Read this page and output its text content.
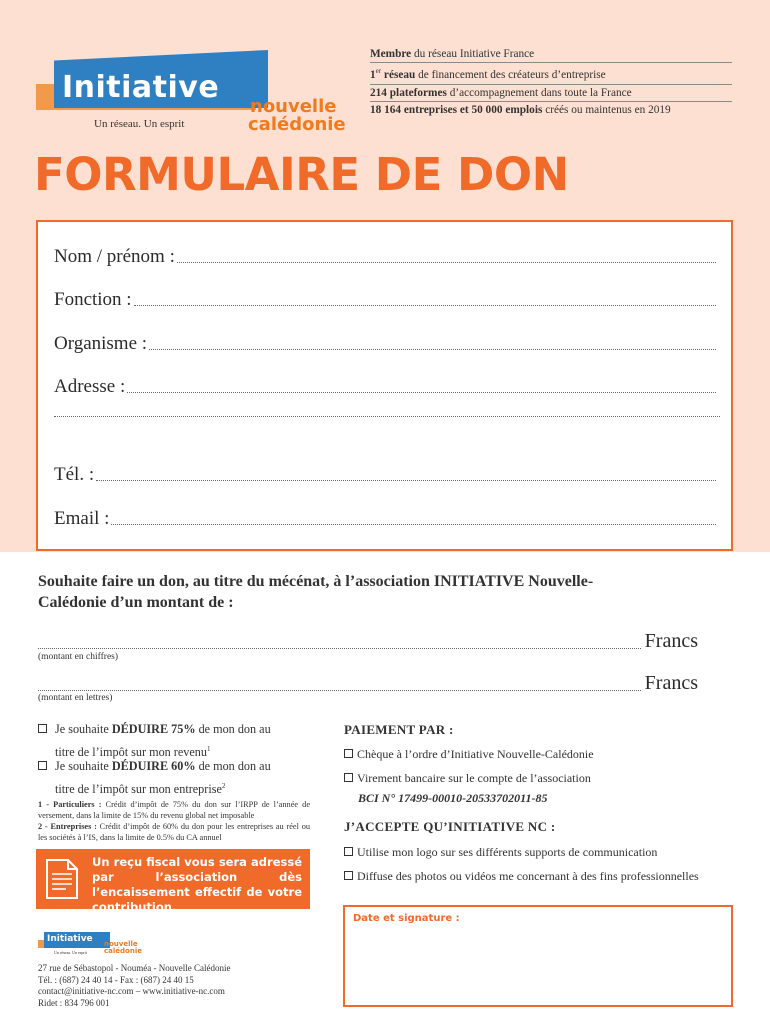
Initiative
nouvelle
calédonie
Un réseau. Un esprit
Membre du réseau Initiative France
1er réseau de financement des créateurs d’entreprise
214 plateformes d’accompagnement dans toute la France
18 164 entreprises et 50 000 emplois créés ou maintenus en 2019
FORMULAIRE DE DON
Nom / prénom :
Fonction :
Organisme :
Adresse :
Tél. :
Email :
Souhaite faire un don, au titre du mécénat, à l’association INITIATIVE Nouvelle-Calédonie d’un montant de :
Francs
(montant en chiffres)
Francs
(montant en lettres)
Je souhaite DÉDUIRE 75% de mon don au
titre de l’impôt sur mon revenu$^1$
Je souhaite DÉDUIRE 60% de mon don au
titre de l’impôt sur mon entreprise$^2$
1 - Particuliers : Crédit d’impôt de 75% du don sur l’IRPP de l’année de versement, dans la limite de 15% du revenu global net imposable
2 - Entreprises : Crédit d’impôt de 60% du don pour les entreprises au réel ou les sociétés à l’IS, dans la limite de 0.5% du CA annuel
Un reçu fiscal vous sera adressé par l’association dès l’encaissement effectif de votre contribution.
Initiative nouvelle
calédonie
Un réseau. Un esprit
27 rue de Sébastopol - Nouméa - Nouvelle Calédonie
Tél. : (687) 24 40 14 - Fax : (687) 24 40 15
contact@initiative-nc.com – www.initiative-nc.com
Ridet : 834 796 001
PAIEMENT PAR :
Chèque à l’ordre d’Initiative Nouvelle-Calédonie
Virement bancaire sur le compte de l’association
BCI N° 17499-00010-20533702011-85
J’ACCEPTE QU’INITIATIVE NC :
Utilise mon logo sur ses différents supports de communication
Diffuse des photos ou vidéos me concernant à des fins professionnelles
Date et signature :
